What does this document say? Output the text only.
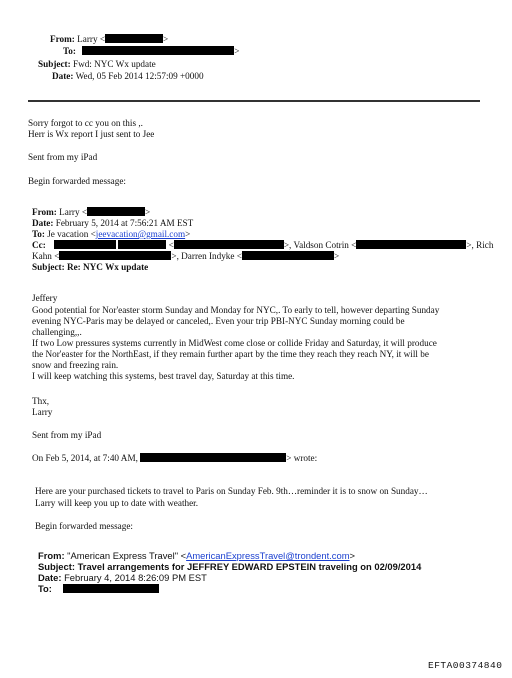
From: Larry <	>
To:	>
Subject: Fwd: NYC Wx update
Date: Wed, 05 Feb 2014 12:57:09 +0000
Sorry forgot to cc you on this ,.
Herr is Wx report I just sent to Jee
Sent from my iPad
Begin forwarded message:
From: Larry <	>
Date: February 5, 2014 at 7:56:21 AM EST
To: Je vacation <jeevacation@gmail.com>
Cc:	<	>, Valdson Cotrin <	>, Rich
Kahn <	>, Darren Indyke <	>
Subject: Re: NYC Wx update
Jeffery
Good potential for Nor'easter storm Sunday and Monday for NYC,. To early to tell, however departing Sunday
evening NYC-Paris may be delayed or canceled,. Even your trip PBI-NYC Sunday morning could be
challenging,,.
If two Low pressures systems currently in MidWest come close or collide Friday and Saturday, it will produce
the Nor'easter for the NorthEast, if they remain further apart by the time they reach they reach NY, it will be
snow and freezing rain.
I will keep watching this systems, best travel day, Saturday at this time.
Thx,
Larry
Sent from my iPad
On Feb 5, 2014, at 7:40 AM,	> wrote:
Here are your purchased tickets to travel to Paris on Sunday Feb. 9th…reminder it is to snow on Sunday…
Larry will keep you up to date with weather.
Begin forwarded message:
From: "American Express Travel" <AmericanExpressTravel@trondent.com>
Subject: Travel arrangements for JEFFREY EDWARD EPSTEIN traveling on 02/09/2014
Date: February 4, 2014 8:26:09 PM EST
To:
EFTA00374840
